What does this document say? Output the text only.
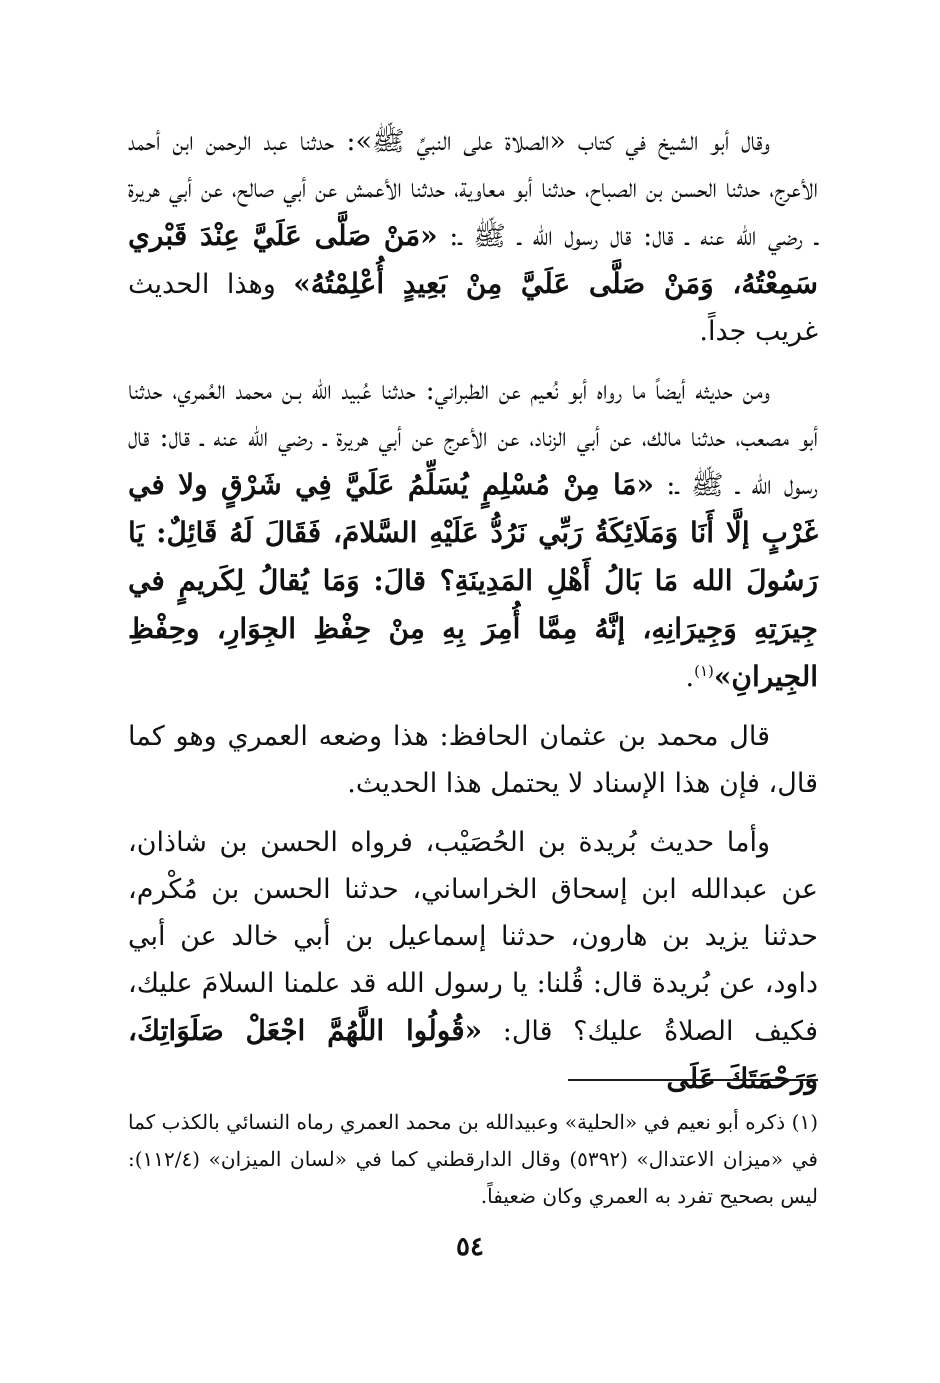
وقال أبو الشيخ في كتاب «الصلاة على النبيِّ ﷺ»: حدثنا عبد الرحمن ابن أحمد الأعرج، حدثنا الحسن بن الصباح، حدثنا أبو معاوية، حدثنا الأعمش عن أبي صالح، عن أبي هريرة ـ رضي الله عنه ـ قال: قال رسول الله ـ ﷺ ـ: «مَنْ صَلَّى عَلَيَّ عِنْدَ قَبْري سَمِعْتُهُ، وَمَنْ صَلَّى عَلَيَّ مِنْ بَعِيدٍ أُعْلِمْتُهُ» وهذا الحديث غريب جداً.

ومن حديثه أيضاً ما رواه أبو نُعيم عن الطبراني: حدثنا عُبيد الله بـن محمد العُمري، حدثنا أبو مصعب، حدثنا مالك، عن أبي الزناد، عن الأعرج عن أبي هريرة ـ رضي الله عنه ـ قال: قال رسول الله ـ ﷺ ـ: «مَا مِنْ مُسْلِمٍ يُسَلِّمُ عَلَيَّ فِي شَرْقٍ ولا في غَرْبٍ إلَّا أَنَا وَمَلَائِكَةُ رَبِّي نَرُدُّ عَلَيْهِ السَّلامَ، فَقَالَ لَهُ قَائِلٌ: يَا رَسُولَ الله مَا بَالُ أَهْلِ المَدِينَةِ؟ قالَ: وَمَا يُقالُ لِكَريمٍ في جِيرَتِهِ وَجِيرَانِهِ، إنَّهُ مِمَّا أُمِرَ بِهِ مِنْ حِفْظِ الجِوَارِ، وحِفْظِ الجِيرانِ»$^{(١)}$.

قال محمد بن عثمان الحافظ: هذا وضعه العمري وهو كما قال، فإن هذا الإسناد لا يحتمل هذا الحديث.

وأما حديث بُريدة بن الحُصَيْب، فرواه الحسن بن شاذان، عن عبدالله ابن إسحاق الخراساني، حدثنا الحسن بن مُكْرم، حدثنا يزيد بن هارون، حدثنا إسماعيل بن أبي خالد عن أبي داود، عن بُريدة قال: قُلنا: يا رسول الله قد علمنا السلامَ عليك، فكيف الصلاةُ عليك؟ قال: «قُولُوا اللَّهُمَّ اجْعَلْ صَلَوَاتِكَ، وَرَحْمَتَكَ عَلَى

(١) ذكره أبو نعيم في «الحلية» وعبيدالله بن محمد العمري رماه النسائي بالكذب كما في «ميزان الاعتدال» (٥٣٩٢) وقال الدارقطني كما في «لسان الميزان» (١١٢/٤): ليس بصحيح تفرد به العمري وكان ضعيفاً.
٥٤
